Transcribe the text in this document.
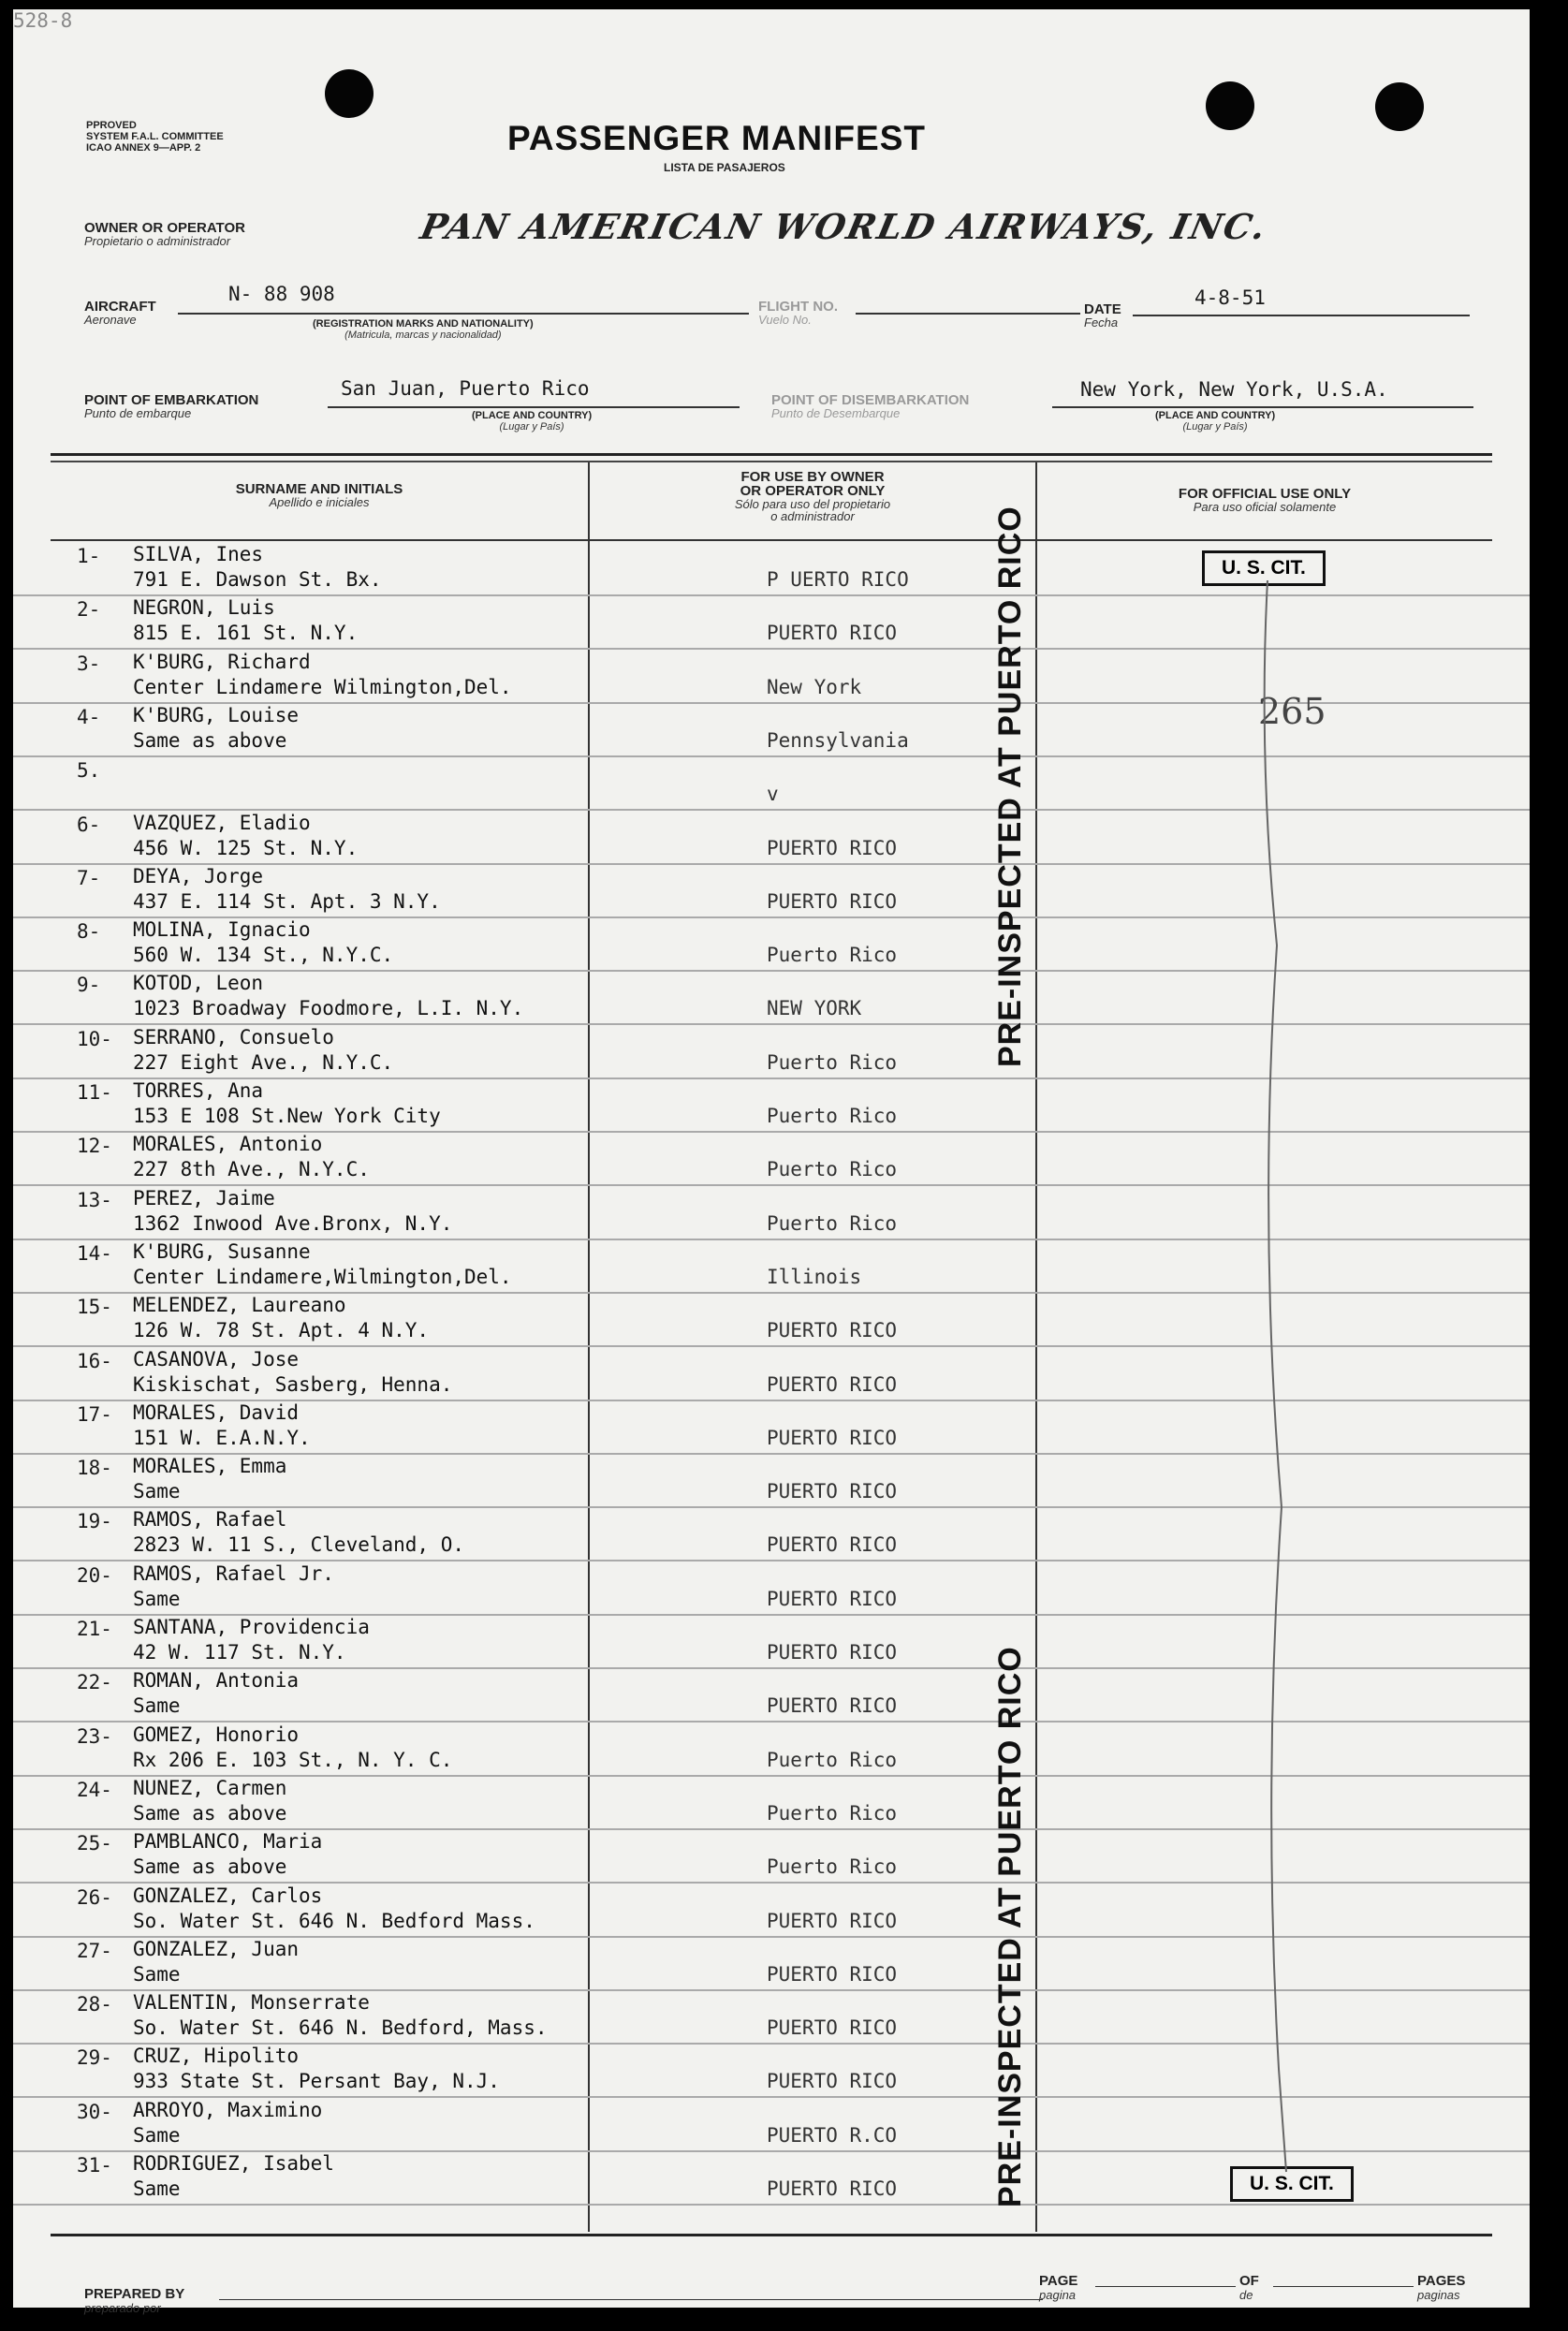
PPROVED
SYSTEM F.A.L. COMMITTEE
ICAO ANNEX 9—APP. 2	PASSENGER MANIFEST
LISTA DE PASAJEROS
OWNER OR OPERATOR
Propietario o administrador	PAN AMERICAN WORLD AIRWAYS, INC.
AIRCRAFT
Aeronave
N- 88 908
(REGISTRATION MARKS AND NATIONALITY)
(Matricula, marcas y nacionalidad)
FLIGHT NO.
Vuelo No.
528-8
DATE
Fecha
4-8-51
POINT OF EMBARKATION
Punto de embarque
San Juan, Puerto Rico
(PLACE AND COUNTRY)
(Lugar y País)
POINT OF DISEMBARKATION
Punto de Desembarque
New York, New York, U.S.A.
(PLACE AND COUNTRY)
(Lugar y País)
SURNAME AND INITIALS
Apellido e iniciales
FOR USE BY OWNER
OR OPERATOR ONLY
Sólo para uso del propietario
o administrador
FOR OFFICIAL USE ONLY
Para uso oficial solamente
1- SILVA, Ines
791 E. Dawson St. Bx.	P UERTO RICO
2- NEGRON, Luis
815 E. 161 St. N.Y.	PUERTO RICO
3- K'BURG, Richard
Center Lindamere Wilmington,Del.	New York
4- K'BURG, Louise
Same as above	Pennsylvania
5.
v
6- VAZQUEZ, Eladio
456 W. 125 St. N.Y.	PUERTO RICO
7- DEYA, Jorge
437 E. 114 St. Apt. 3 N.Y.	PUERTO RICO
8- MOLINA, Ignacio
560 W. 134 St., N.Y.C.	Puerto Rico
9- KOTOD, Leon
1023 Broadway Foodmore, L.I. N.Y.	NEW YORK
10- SERRANO, Consuelo
227 Eight Ave., N.Y.C.	Puerto Rico
11- TORRES, Ana
153 E 108 St.New York City	Puerto Rico
12- MORALES, Antonio
227 8th Ave., N.Y.C.	Puerto Rico
13- PEREZ, Jaime
1362 Inwood Ave.Bronx, N.Y.	Puerto Rico
14- K'BURG, Susanne
Center Lindamere,Wilmington,Del.	Illinois
15- MELENDEZ, Laureano
126 W. 78 St. Apt. 4 N.Y.	PUERTO RICO
16- CASANOVA, Jose
Kiskischat, Sasberg, Henna.	PUERTO RICO
17- MORALES, David
151 W. E.A.N.Y.	PUERTO RICO
18- MORALES, Emma
Same	PUERTO RICO
19- RAMOS, Rafael
2823 W. 11 S., Cleveland, O.	PUERTO RICO
20- RAMOS, Rafael Jr.
Same	PUERTO RICO
21- SANTANA, Providencia
42 W. 117 St. N.Y.	PUERTO RICO
22- ROMAN, Antonia
Same	PUERTO RICO
23- GOMEZ, Honorio
Rx 206 E. 103 St., N. Y. C.	Puerto Rico
24- NUNEZ, Carmen
Same as above	Puerto Rico
25- PAMBLANCO, Maria
Same as above	Puerto Rico
26- GONZALEZ, Carlos
So. Water St. 646 N. Bedford Mass.	PUERTO RICO
27- GONZALEZ, Juan
Same	PUERTO RICO
28- VALENTIN, Monserrate
So. Water St. 646 N. Bedford, Mass.	PUERTO RICO
29- CRUZ, Hipolito
933 State St. Persant Bay, N.J.	PUERTO RICO
30- ARROYO, Maximino
Same	PUERTO R.CO
31- RODRIGUEZ, Isabel
Same	PUERTO RICO
PRE-INSPECTED AT PUERTO RICO
PRE-INSPECTED AT PUERTO RICO
U. S. CIT.
U. S. CIT.
265
PREPARED BY
preparado por
PAGE
pagina
OF
de
PAGES
paginas
